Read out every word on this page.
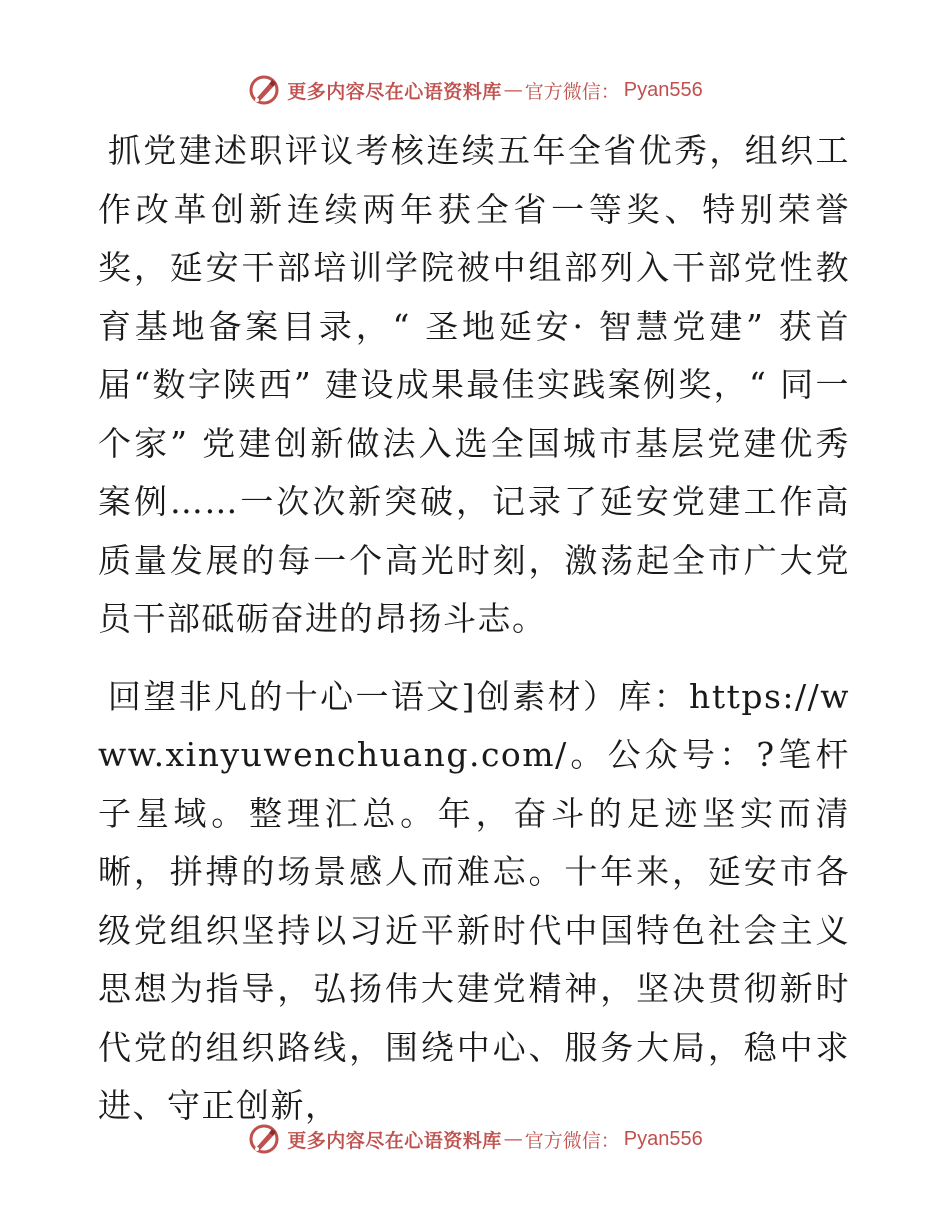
更多内容尽在心语资料库 — 官方微信： Pyan556

抓党建述职评议考核连续五年全省优秀，组织工作改革创新连续两年获全省一等奖、特别荣誉奖，延安干部培训学院被中组部列入干部党性教育基地备案目录，“ 圣地延安· 智慧党建” 获首届“数字陕西” 建设成果最佳实践案例奖，“ 同一个家” 党建创新做法入选全国城市基层党建优秀案例……一次次新突破，记录了延安党建工作高质量发展的每一个高光时刻，激荡起全市广大党员干部砥砺奋进的昂扬斗志。

回望非凡的十心一语文]创素材）库：https://www.xinyuwenchuang.com/。公众号：?笔杆子星域。整理汇总。年，奋斗的足迹坚实而清晰，拼搏的场景感人而难忘。十年来，延安市各级党组织坚持以习近平新时代中国特色社会主义思想为指导，弘扬伟大建党精神，坚决贯彻新时代党的组织路线，围绕中心、服务大局，稳中求进、守正创新，

更多内容尽在心语资料库 — 官方微信： Pyan556
